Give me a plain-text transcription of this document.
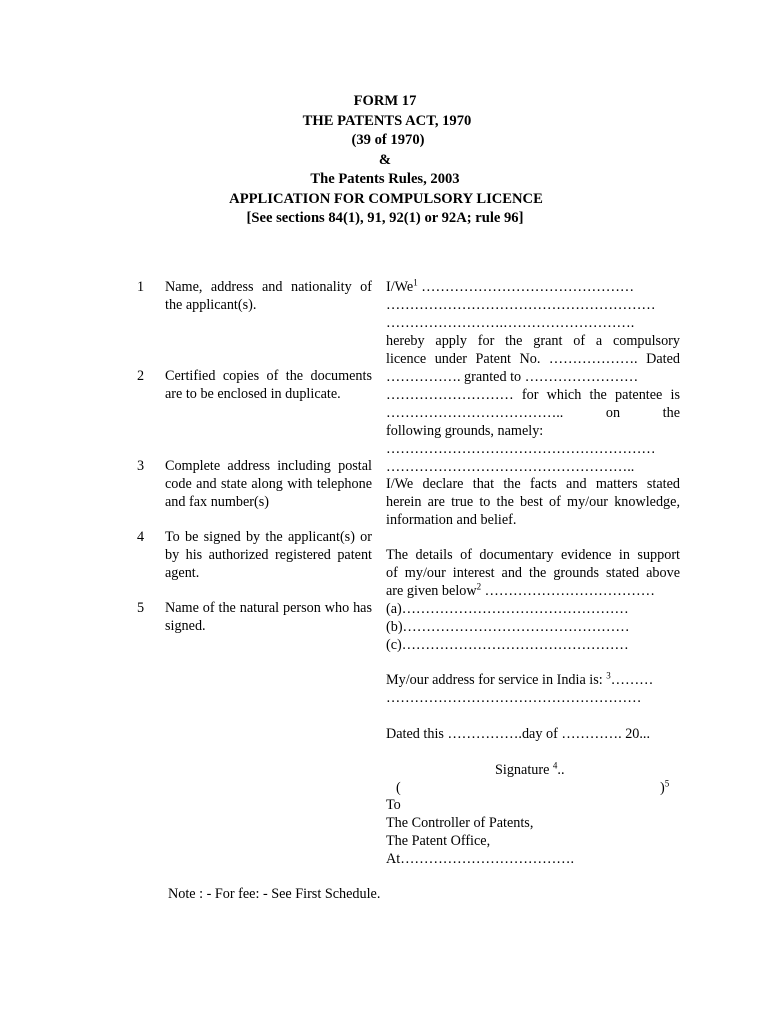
FORM 17
THE PATENTS ACT, 1970
(39 of 1970)
&
The Patents Rules, 2003
APPLICATION FOR COMPULSORY LICENCE
[See sections 84(1), 91, 92(1) or 92A; rule 96]
1	Name, address and nationality of the applicant(s).
2	Certified copies of the documents are to be enclosed in duplicate.
3	Complete address including postal code and state along with telephone and fax number(s)
4	To be signed by the applicant(s) or by his authorized registered patent agent.
5	Name of the natural person who has signed.
I/We$^1$ ………………………………………
…………………………………………………
…………………….……………………….
hereby apply for the grant of a compulsory
licence under Patent No. ………………. Dated
……………. granted to ……………………
……………………… for which the patentee is
……………………………….. on the
following grounds, namely:
…………………………………………………
……………………………………………..
I/We declare that the facts and matters stated
herein are true to the best of my/our knowledge,
information and belief.
The details of documentary evidence in support
of my/our interest and the grounds stated above
are given below$^2$ ………………………………
(a)…………………………………………
(b)…………………………………………
(c)…………………………………………
My/our address for service in India is: $^3$………
………………………………………………
Dated this …………….day of …………. 20...
Signature $^4$..
(	)$^5$
To
The Controller of Patents,
The Patent Office,
At……………………………….
Note : - For fee: - See First Schedule.
